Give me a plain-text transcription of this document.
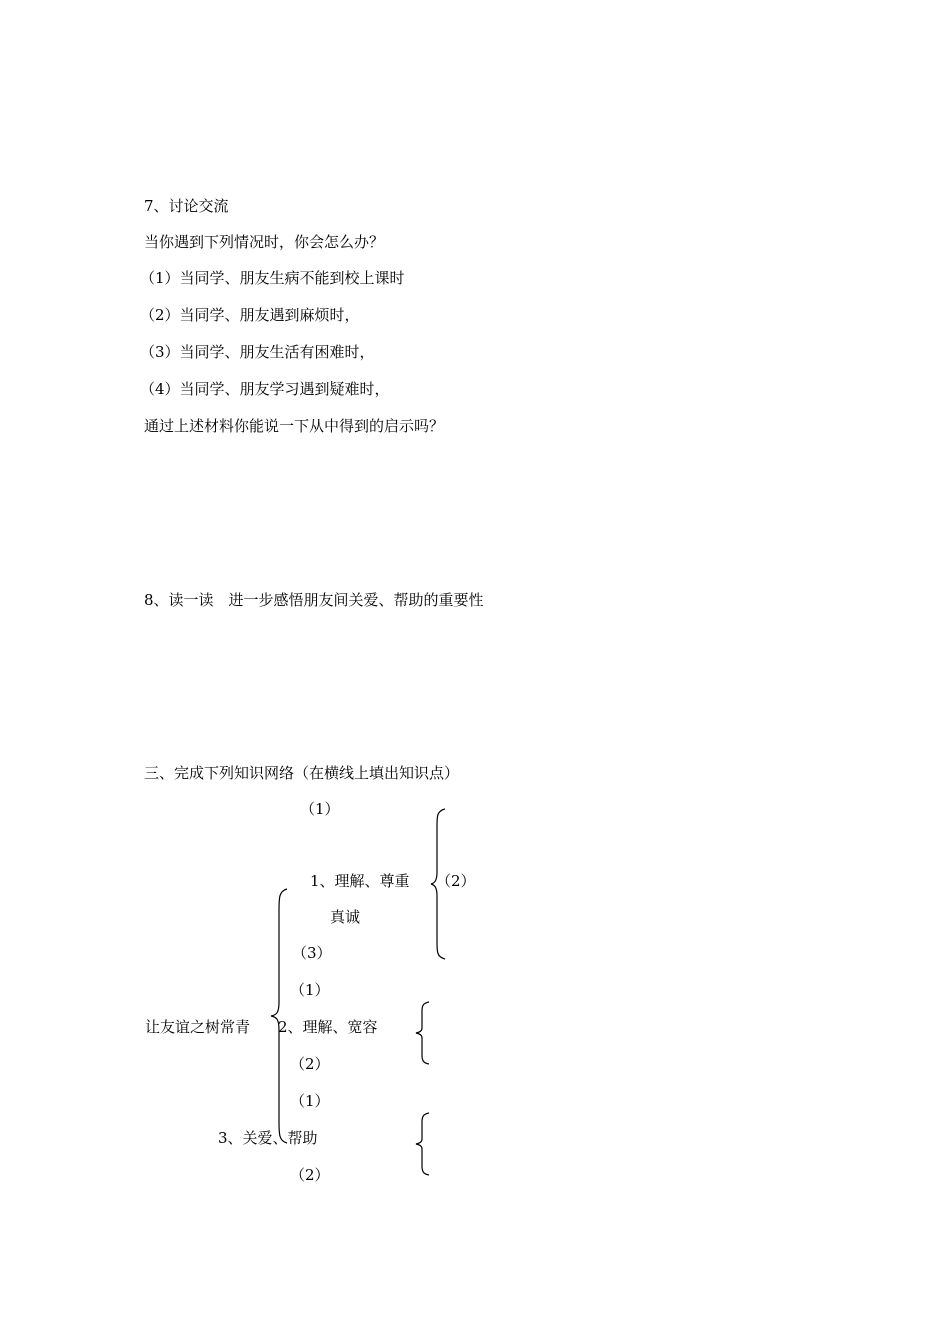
7、讨论交流
当你遇到下列情况时，你会怎么办？
（1）当同学、朋友生病不能到校上课时
（2）当同学、朋友遇到麻烦时，
（3）当同学、朋友生活有困难时，
（4）当同学、朋友学习遇到疑难时，
通过上述材料你能说一下从中得到的启示吗？
8、读一读　进一步感悟朋友间关爱、帮助的重要性
三、完成下列知识网络（在横线上填出知识点）
（1）
1、理解、尊重 （2）
真诚
（3）
（1）
让友谊之树常青 2、理解、宽容
（2）
（1）
3、关爱、帮助
（2）
